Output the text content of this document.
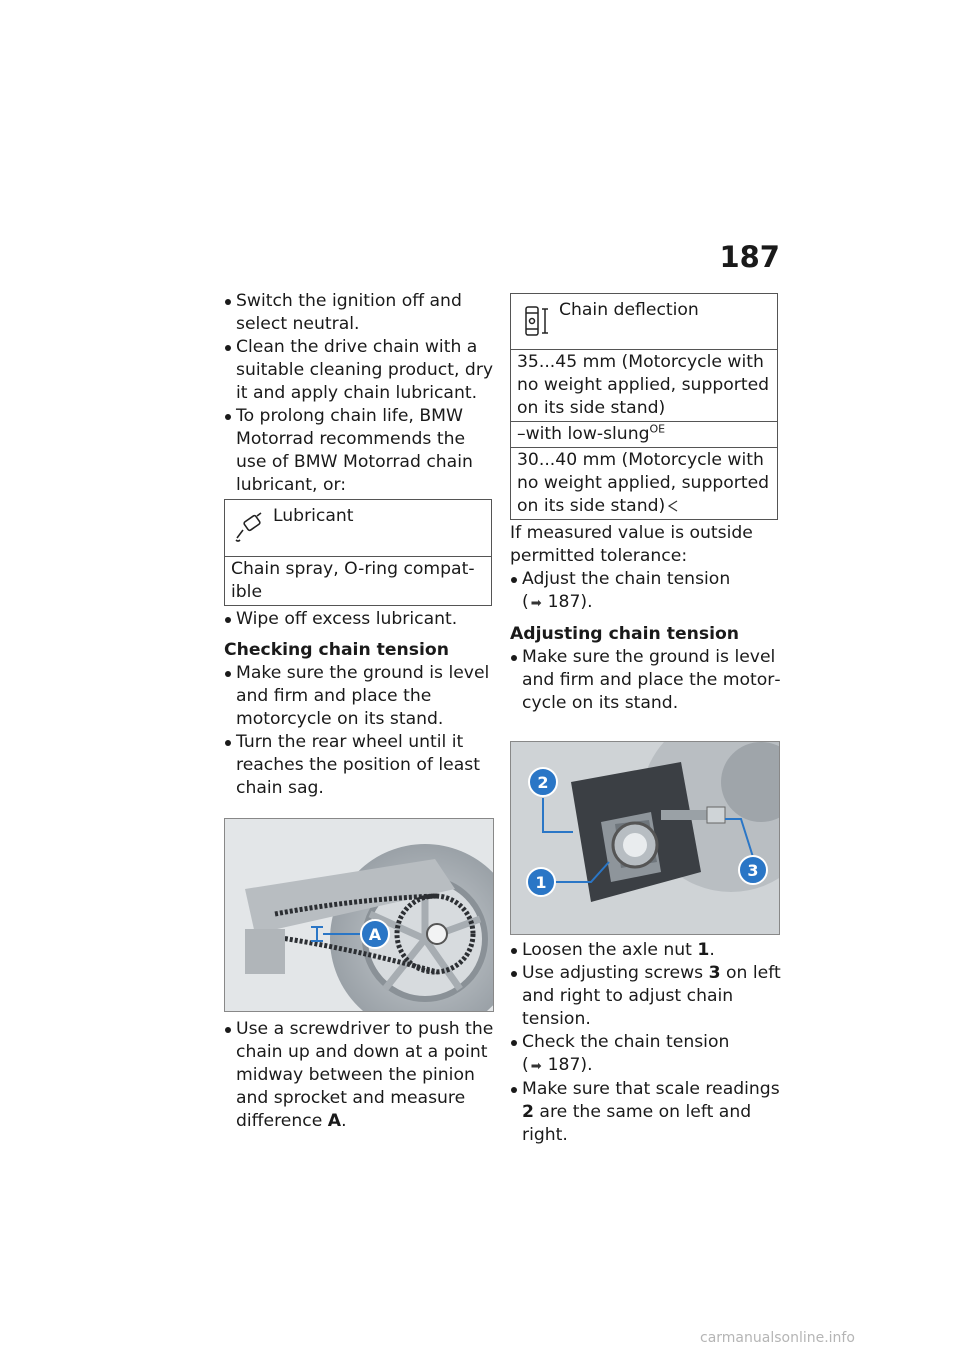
187
Switch the ignition off and select neutral.
Clean the drive chain with a suitable cleaning product, dry it and apply chain lubricant.
To prolong chain life, BMW Motorrad recommends the use of BMW Motorrad chain lubricant, or:
Lubricant
Chain spray, O-ring compatible
Wipe off excess lubricant.
Checking chain tension
Make sure the ground is level and firm and place the motorcycle on its stand.
Turn the rear wheel until it reaches the position of least chain sag.
A
Use a screwdriver to push the chain up and down at a point midway between the pinion and sprocket and measure difference A.
Chain deflection
35...45 mm (Motorcycle with no weight applied, supported on its side stand)
–with low-slung$^{OE}$
30...40 mm (Motorcycle with no weight applied, supported on its side stand)
If measured value is outside permitted tolerance:
Adjust the chain tension
( ➡ 187).
Adjusting chain tension
Make sure the ground is level and firm and place the motorcycle on its stand.
2
1
3
Loosen the axle nut 1.
Use adjusting screws 3 on left and right to adjust chain tension.
Check the chain tension
( ➡ 187).
Make sure that scale readings 2 are the same on left and right.
carmanualsonline.info
